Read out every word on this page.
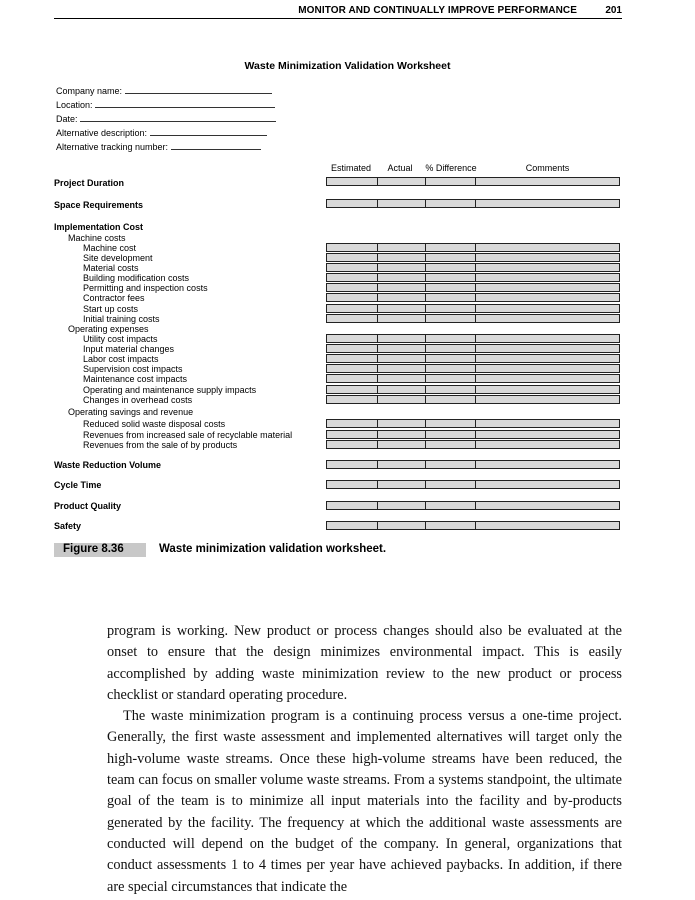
MONITOR AND CONTINUALLY IMPROVE PERFORMANCE	201
Waste Minimization Validation Worksheet
Company name:
Location:
Date:
Alternative description:
Alternative tracking number:
Estimated	Actual	% Difference	Comments
Project Duration
Space Requirements
Implementation Cost
Machine costs
Machine cost
Site development
Material costs
Building modification costs
Permitting and inspection costs
Contractor fees
Start up costs
Initial training costs
Operating expenses
Utility cost impacts
Input material changes
Labor cost impacts
Supervision cost impacts
Maintenance cost impacts
Operating and maintenance supply impacts
Changes in overhead costs
Operating savings and revenue
Reduced solid waste disposal costs
Revenues from increased sale of recyclable material
Revenues from the sale of by products
Waste Reduction Volume
Cycle Time
Product Quality
Safety
Figure 8.36	Waste minimization validation worksheet.

program is working. New product or process changes should also be evaluated at the onset to ensure that the design minimizes environmental impact. This is easily accomplished by adding waste minimization review to the new product or process checklist or standard operating procedure.

The waste minimization program is a continuing process versus a one-time project. Generally, the first waste assessment and implemented alternatives will target only the high-volume waste streams. Once these high-volume streams have been reduced, the team can focus on smaller volume waste streams. From a systems standpoint, the ultimate goal of the team is to minimize all input materials into the facility and by-products generated by the facility. The frequency at which the additional waste assessments are conducted will depend on the budget of the company. In general, organizations that conduct assessments 1 to 4 times per year have achieved paybacks. In addition, if there are special circumstances that indicate the
